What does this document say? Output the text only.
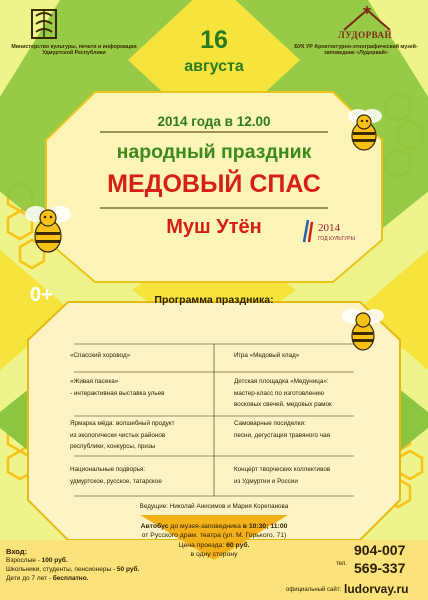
Министерство культуры, печати и информации Удмуртской Республики
ЛУДОРВАЙ
БУК УР Архитектурно-этнографический музей-заповедник «Лудорвай»
16
августа
2014 года в 12.00
народный праздник
МЕДОВЫЙ СПАС
Муш Утён	2014
ГОД КУЛЬТУРЫ
0+	Программа праздника:
«Спасский хоровод»
«Живая пасека»
- интерактивная выставка ульев
Ярмарка мёда: волшебный продукт
из экологически чистых районов
республики, конкурсы, призы
Национальные подворья:
удмуртское, русское, татарское
Игра «Медовый клад»
Детская площадка «Медуница»:
мастер-класс по изготовлению
восковых свечей, медовых рамок
Самоварные посиделки:
песни, дегустация травяного чая
Концерт творческих коллективов
из Удмуртии и России
Ведущие: Николай Анисимов и Мария Корепанова
Автобус до музея-заповедника в 10:30; 11:00
от Русского драм. театра (ул. М. Горького, 71)
Цена проезда: 60 руб.
в одну сторону
Вход:
Взрослые - 100 руб.
Школьники, студенты, пенсионеры - 50 руб.
Дети до 7 лет - бесплатно.
тел.
904-007
569-337
официальный сайт: ludorvay.ru
